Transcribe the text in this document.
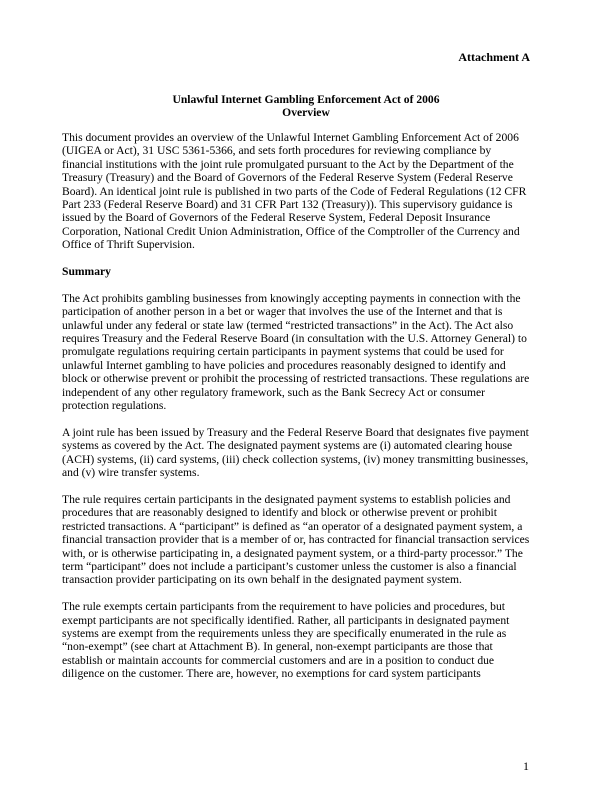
Attachment A
Unlawful Internet Gambling Enforcement Act of 2006
Overview

This document provides an overview of the Unlawful Internet Gambling Enforcement Act of 2006 (UIGEA or Act), 31 USC 5361-5366, and sets forth procedures for reviewing compliance by financial institutions with the joint rule promulgated pursuant to the Act by the Department of the Treasury (Treasury) and the Board of Governors of the Federal Reserve System (Federal Reserve Board). An identical joint rule is published in two parts of the Code of Federal Regulations (12 CFR Part 233 (Federal Reserve Board) and 31 CFR Part 132 (Treasury)). This supervisory guidance is issued by the Board of Governors of the Federal Reserve System, Federal Deposit Insurance Corporation, National Credit Union Administration, Office of the Comptroller of the Currency and Office of Thrift Supervision.

Summary

The Act prohibits gambling businesses from knowingly accepting payments in connection with the participation of another person in a bet or wager that involves the use of the Internet and that is unlawful under any federal or state law (termed “restricted transactions” in the Act). The Act also requires Treasury and the Federal Reserve Board (in consultation with the U.S. Attorney General) to promulgate regulations requiring certain participants in payment systems that could be used for unlawful Internet gambling to have policies and procedures reasonably designed to identify and block or otherwise prevent or prohibit the processing of restricted transactions. These regulations are independent of any other regulatory framework, such as the Bank Secrecy Act or consumer protection regulations.

A joint rule has been issued by Treasury and the Federal Reserve Board that designates five payment systems as covered by the Act. The designated payment systems are (i) automated clearing house (ACH) systems, (ii) card systems, (iii) check collection systems, (iv) money transmitting businesses, and (v) wire transfer systems.

The rule requires certain participants in the designated payment systems to establish policies and procedures that are reasonably designed to identify and block or otherwise prevent or prohibit restricted transactions. A “participant” is defined as “an operator of a designated payment system, a financial transaction provider that is a member of or, has contracted for financial transaction services with, or is otherwise participating in, a designated payment system, or a third-party processor.” The term “participant” does not include a participant’s customer unless the customer is also a financial transaction provider participating on its own behalf in the designated payment system.

The rule exempts certain participants from the requirement to have policies and procedures, but exempt participants are not specifically identified. Rather, all participants in designated payment systems are exempt from the requirements unless they are specifically enumerated in the rule as “non-exempt” (see chart at Attachment B). In general, non-exempt participants are those that establish or maintain accounts for commercial customers and are in a position to conduct due diligence on the customer. There are, however, no exemptions for card system participants

1
